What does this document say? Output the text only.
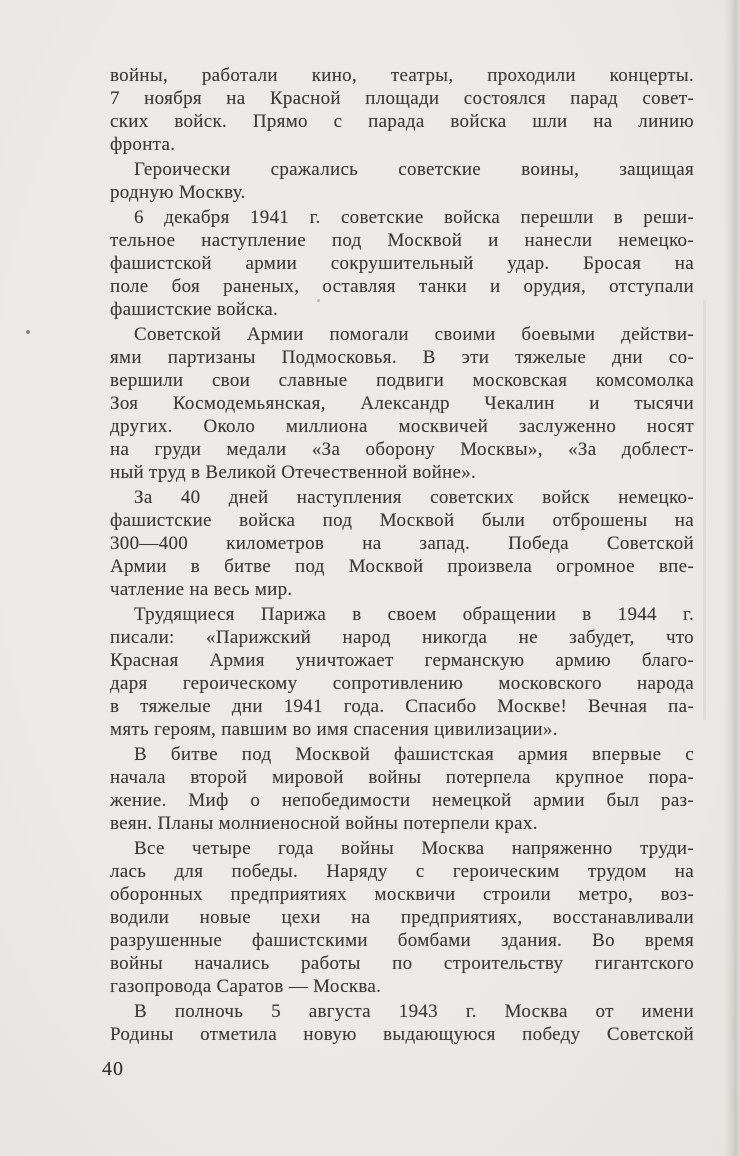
войны, работали кино, театры, проходили концерты.
7 ноября на Красной площади состоялся парад совет-
ских войск. Прямо с парада войска шли на линию
фронта.
Героически сражались советские воины, защищая
родную Москву.
6 декабря 1941 г. советские войска перешли в реши-
тельное наступление под Москвой и нанесли немецко-
фашистской армии сокрушительный удар. Бросая на
поле боя раненых, оставляя танки и орудия, отступали
фашистские войска.
Советской Армии помогали своими боевыми действи-
ями партизаны Подмосковья. В эти тяжелые дни со-
вершили свои славные подвиги московская комсомолка
Зоя Космодемьянская, Александр Чекалин и тысячи
других. Около миллиона москвичей заслуженно носят
на груди медали «За оборону Москвы», «За доблест-
ный труд в Великой Отечественной войне».
За 40 дней наступления советских войск немецко-
фашистские войска под Москвой были отброшены на
300—400 километров на запад. Победа Советской
Армии в битве под Москвой произвела огромное впе-
чатление на весь мир.
Трудящиеся Парижа в своем обращении в 1944 г.
писали: «Парижский народ никогда не забудет, что
Красная Армия уничтожает германскую армию благо-
даря героическому сопротивлению московского народа
в тяжелые дни 1941 года. Спасибо Москве! Вечная па-
мять героям, павшим во имя спасения цивилизации».
В битве под Москвой фашистская армия впервые с
начала второй мировой войны потерпела крупное пора-
жение. Миф о непобедимости немецкой армии был раз-
веян. Планы молниеносной войны потерпели крах.
Все четыре года войны Москва напряженно труди-
лась для победы. Наряду с героическим трудом на
оборонных предприятиях москвичи строили метро, воз-
водили новые цехи на предприятиях, восстанавливали
разрушенные фашистскими бомбами здания. Во время
войны начались работы по строительству гигантского
газопровода Саратов — Москва.
В полночь 5 августа 1943 г. Москва от имени
Родины отметила новую выдающуюся победу Советской
40
